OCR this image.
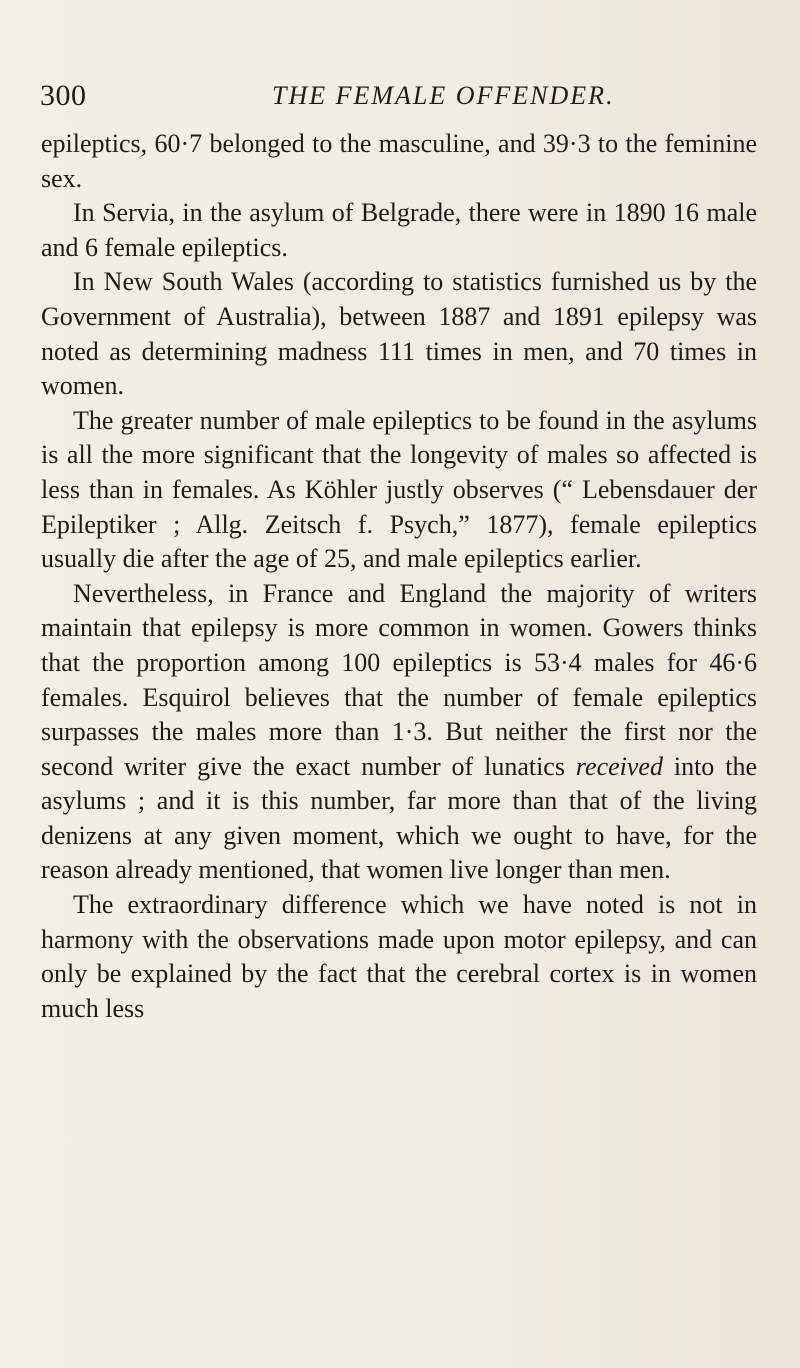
300	THE FEMALE OFFENDER.

epileptics, 60·7 belonged to the masculine, and 39·3 to the feminine sex.

In Servia, in the asylum of Belgrade, there were in 1890 16 male and 6 female epileptics.

In New South Wales (according to statistics furnished us by the Government of Australia), between 1887 and 1891 epilepsy was noted as determining madness 111 times in men, and 70 times in women.

The greater number of male epileptics to be found in the asylums is all the more significant that the longevity of males so affected is less than in females. As Köhler justly observes (“ Lebensdauer der Epileptiker ; Allg. Zeitsch f. Psych,” 1877), female epileptics usually die after the age of 25, and male epileptics earlier.

Nevertheless, in France and England the majority of writers maintain that epilepsy is more common in women. Gowers thinks that the proportion among 100 epileptics is 53·4 males for 46·6 females. Esquirol believes that the number of female epileptics surpasses the males more than 1·3. But neither the first nor the second writer give the exact number of lunatics received into the asylums ; and it is this number, far more than that of the living denizens at any given moment, which we ought to have, for the reason already mentioned, that women live longer than men.

The extraordinary difference which we have noted is not in harmony with the observations made upon motor epilepsy, and can only be explained by the fact that the cerebral cortex is in women much less
